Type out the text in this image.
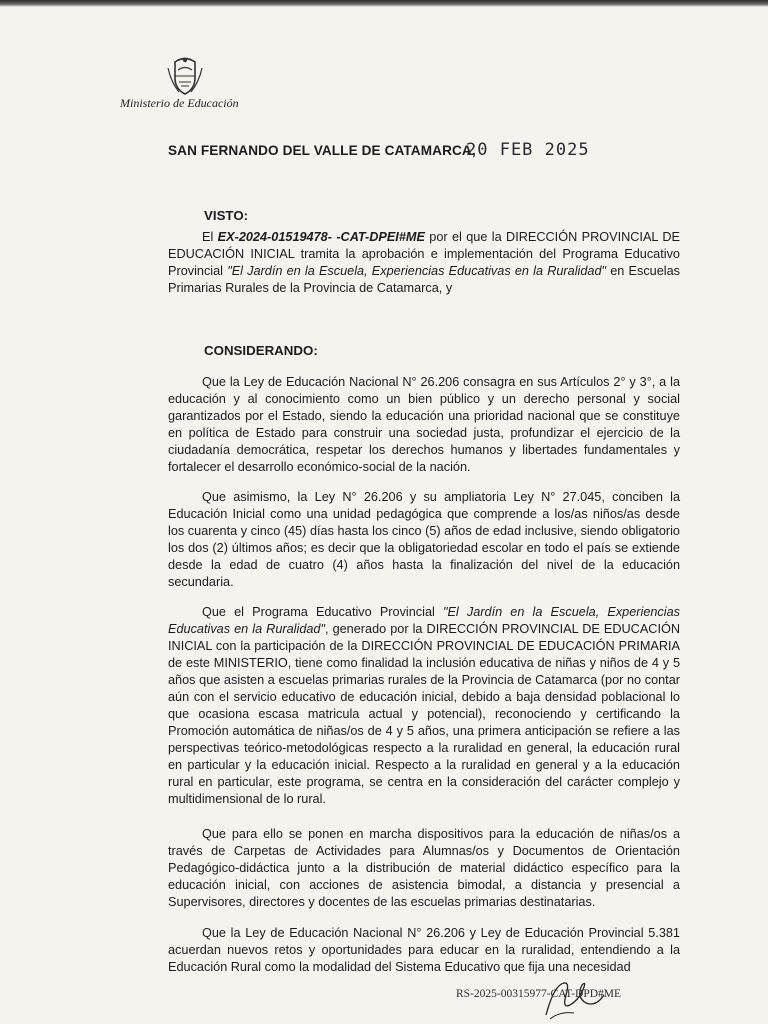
Ministerio de Educación
SAN FERNANDO DEL VALLE DE CATAMARCA,
20 FEB 2025
VISTO:

El EX-2024-01519478- -CAT-DPEI#ME por el que la DIRECCIÓN PROVINCIAL DE EDUCACIÓN INICIAL tramita la aprobación e implementación del Programa Educativo Provincial "El Jardín en la Escuela, Experiencias Educativas en la Ruralidad" en Escuelas Primarias Rurales de la Provincia de Catamarca, y

CONSIDERANDO:

Que la Ley de Educación Nacional N° 26.206 consagra en sus Artículos 2° y 3°, a la educación y al conocimiento como un bien público y un derecho personal y social garantizados por el Estado, siendo la educación una prioridad nacional que se constituye en política de Estado para construir una sociedad justa, profundizar el ejercicio de la ciudadanía democrática, respetar los derechos humanos y libertades fundamentales y fortalecer el desarrollo económico-social de la nación.

Que asimismo, la Ley N° 26.206 y su ampliatoria Ley N° 27.045, conciben la Educación Inicial como una unidad pedagógica que comprende a los/as niños/as desde los cuarenta y cinco (45) días hasta los cinco (5) años de edad inclusive, siendo obligatorio los dos (2) últimos años; es decir que la obligatoriedad escolar en todo el país se extiende desde la edad de cuatro (4) años hasta la finalización del nivel de la educación secundaria.

Que el Programa Educativo Provincial "El Jardín en la Escuela, Experiencias Educativas en la Ruralidad", generado por la DIRECCIÓN PROVINCIAL DE EDUCACIÓN INICIAL con la participación de la DIRECCIÓN PROVINCIAL DE EDUCACIÓN PRIMARIA de este MINISTERIO, tiene como finalidad la inclusión educativa de niñas y niños de 4 y 5 años que asisten a escuelas primarias rurales de la Provincia de Catamarca (por no contar aún con el servicio educativo de educación inicial, debido a baja densidad poblacional lo que ocasiona escasa matricula actual y potencial), reconociendo y certificando la Promoción automática de niñas/os de 4 y 5 años, una primera anticipación se refiere a las perspectivas teórico-metodológicas respecto a la ruralidad en general, la educación rural en particular y la educación inicial. Respecto a la ruralidad en general y a la educación rural en particular, este programa, se centra en la consideración del carácter complejo y multidimensional de lo rural.

Que para ello se ponen en marcha dispositivos para la educación de niñas/os a través de Carpetas de Actividades para Alumnas/os y Documentos de Orientación Pedagógico-didáctica junto a la distribución de material didáctico específico para la educación inicial, con acciones de asistencia bimodal, a distancia y presencial a Supervisores, directores y docentes de las escuelas primarias destinatarias.

Que la Ley de Educación Nacional N° 26.206 y Ley de Educación Provincial 5.381 acuerdan nuevos retos y oportunidades para educar en la ruralidad, entendiendo a la Educación Rural como la modalidad del Sistema Educativo que fija una necesidad

RS-2025-00315977-CAT-DPD#ME
